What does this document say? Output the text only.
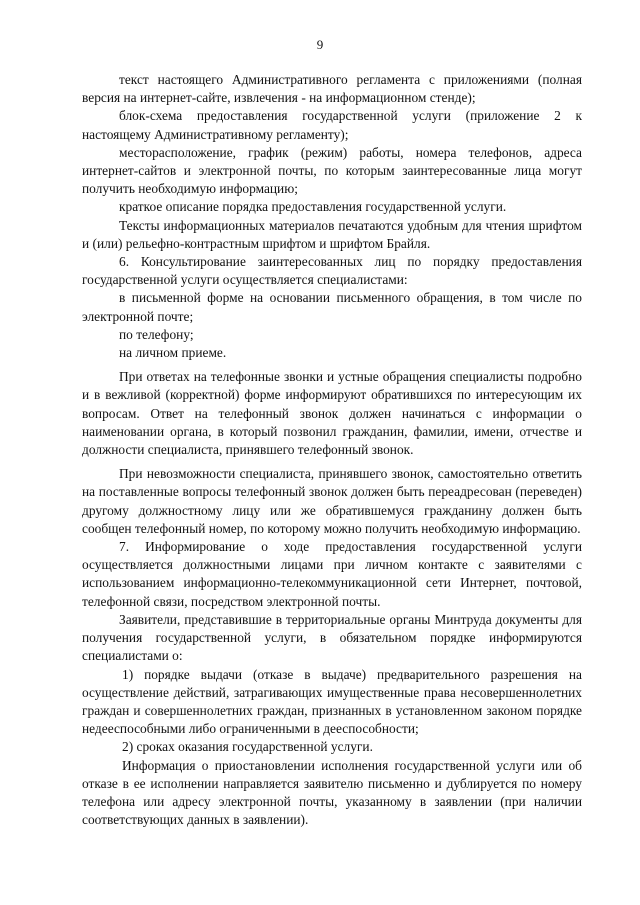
9

текст настоящего Административного регламента с приложениями (полная версия на интернет-сайте, извлечения - на информационном стенде);

блок-схема предоставления государственной услуги (приложение 2 к настоящему Административному регламенту);

месторасположение, график (режим) работы, номера телефонов, адреса интернет-сайтов и электронной почты, по которым заинтересованные лица могут получить необходимую информацию;

краткое описание порядка предоставления государственной услуги.

Тексты информационных материалов печатаются удобным для чтения шрифтом и (или) рельефно-контрастным шрифтом и шрифтом Брайля.

6. Консультирование заинтересованных лиц по порядку предоставления государственной услуги осуществляется специалистами:

в письменной форме на основании письменного обращения, в том числе по электронной почте;

по телефону;

на личном приеме.

При ответах на телефонные звонки и устные обращения специалисты подробно и в вежливой (корректной) форме информируют обратившихся по интересующим их вопросам. Ответ на телефонный звонок должен начинаться с информации о наименовании органа, в который позвонил гражданин, фамилии, имени, отчестве и должности специалиста, принявшего телефонный звонок.

При невозможности специалиста, принявшего звонок, самостоятельно ответить на поставленные вопросы телефонный звонок должен быть переадресован (переведен) другому должностному лицу или же обратившемуся гражданину должен быть сообщен телефонный номер, по которому можно получить необходимую информацию.

7. Информирование о ходе предоставления государственной услуги осуществляется должностными лицами при личном контакте с заявителями с использованием информационно-телекоммуникационной сети Интернет, почтовой, телефонной связи, посредством электронной почты.

Заявители, представившие в территориальные органы Минтруда документы для получения государственной услуги, в обязательном порядке информируются специалистами о:

1) порядке выдачи (отказе в выдаче) предварительного разрешения на осуществление действий, затрагивающих имущественные права несовершеннолетних граждан и совершеннолетних граждан, признанных в установленном законом порядке недееспособными либо ограниченными в дееспособности;

2) сроках оказания государственной услуги.

Информация о приостановлении исполнения государственной услуги или об отказе в ее исполнении направляется заявителю письменно и дублируется по номеру телефона или адресу электронной почты, указанному в заявлении (при наличии соответствующих данных в заявлении).
